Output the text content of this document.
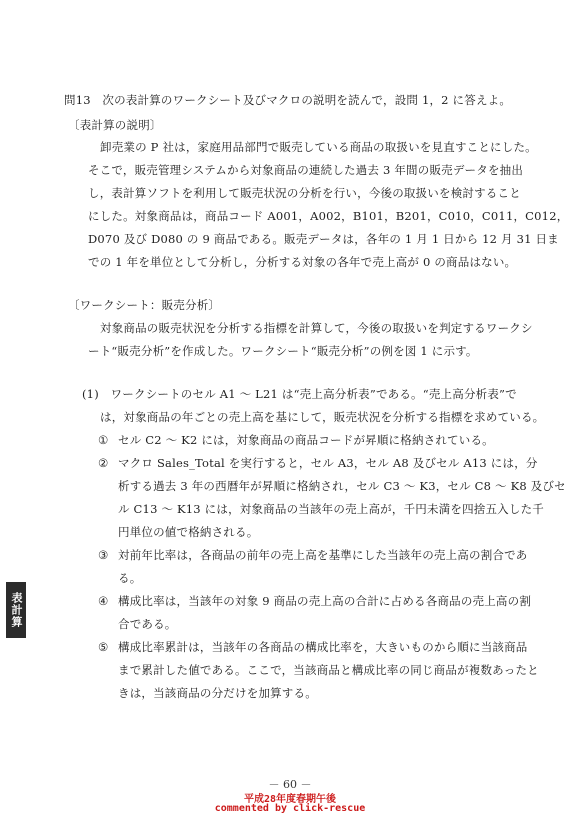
問13　次の表計算のワークシート及びマクロの説明を読んで，設問 1，2 に答えよ。
〔表計算の説明〕
卸売業の P 社は，家庭用品部門で販売している商品の取扱いを見直すことにした。
そこで，販売管理システムから対象商品の連続した過去 3 年間の販売データを抽出
し，表計算ソフトを利用して販売状況の分析を行い，今後の取扱いを検討すること
にした。対象商品は，商品コード A001，A002，B101，B201，C010，C011，C012，
D070 及び D080 の 9 商品である。販売データは，各年の 1 月 1 日から 12 月 31 日ま
での 1 年を単位として分析し，分析する対象の各年で売上高が 0 の商品はない。
〔ワークシート：販売分析〕
対象商品の販売状況を分析する指標を計算して，今後の取扱いを判定するワークシ
ート“販売分析”を作成した。ワークシート“販売分析”の例を図 1 に示す。
(1)　ワークシートのセル A1 ～ L21 は“売上高分析表”である。“売上高分析表”で
は，対象商品の年ごとの売上高を基にして，販売状況を分析する指標を求めている。
① セル C2 ～ K2 には，対象商品の商品コードが昇順に格納されている。
② マクロ Sales_Total を実行すると，セル A3，セル A8 及びセル A13 には，分
析する過去 3 年の西暦年が昇順に格納され，セル C3 ～ K3，セル C8 ～ K8 及びセ
ル C13 ～ K13 には，対象商品の当該年の売上高が，千円未満を四捨五入した千
円単位の値で格納される。
③ 対前年比率は，各商品の前年の売上高を基準にした当該年の売上高の割合であ
る。
④ 構成比率は，当該年の対象 9 商品の売上高の合計に占める各商品の売上高の割
合である。
⑤ 構成比率累計は，当該年の各商品の構成比率を，大きいものから順に当該商品
まで累計した値である。ここで，当該商品と構成比率の同じ商品が複数あったと
きは，当該商品の分だけを加算する。
表計算
－ 60 －
平成28年度春期午後
commented by click-rescue
